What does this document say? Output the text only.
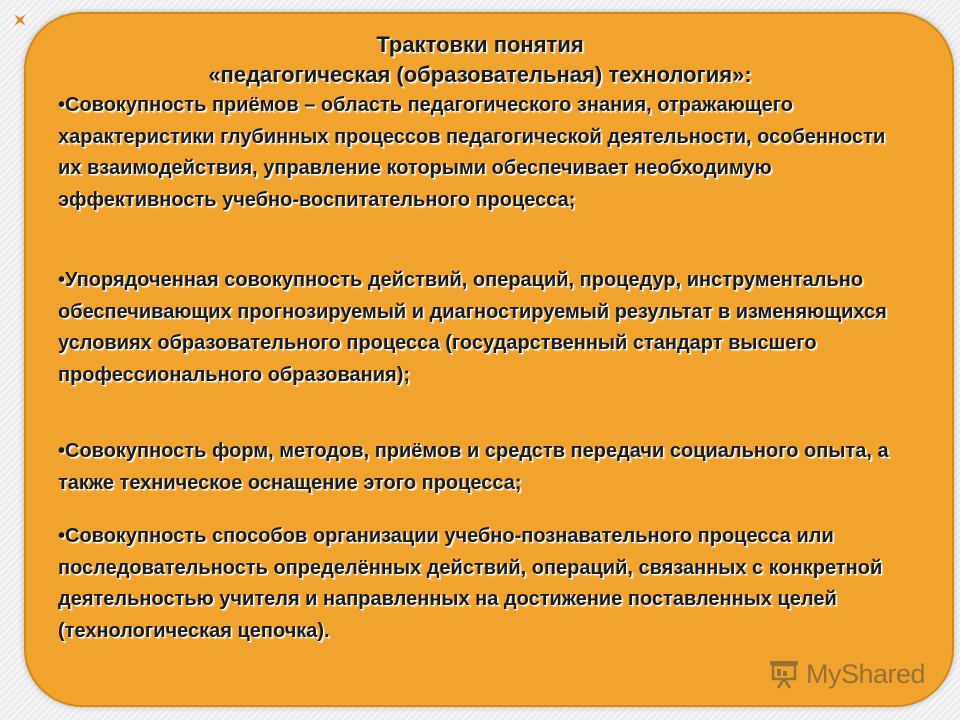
Трактовки понятия
«педагогическая (образовательная) технология»:

•Совокупность приёмов – область педагогического знания, отражающего характеристики глубинных процессов педагогической деятельности, особенности их взаимодействия, управление которыми обеспечивает необходимую эффективность учебно-воспитательного процесса;

•Упорядоченная совокупность действий, операций, процедур, инструментально обеспечивающих прогнозируемый и диагностируемый результат в изменяющихся условиях образовательного процесса (государственный стандарт высшего профессионального образования);

•Совокупность форм, методов, приёмов и средств передачи социального опыта, а также техническое оснащение этого процесса;

•Совокупность способов организации учебно-познавательного процесса или последовательность определённых действий, операций, связанных с конкретной деятельностью учителя и направленных на достижение поставленных целей (технологическая цепочка).

MyShared
